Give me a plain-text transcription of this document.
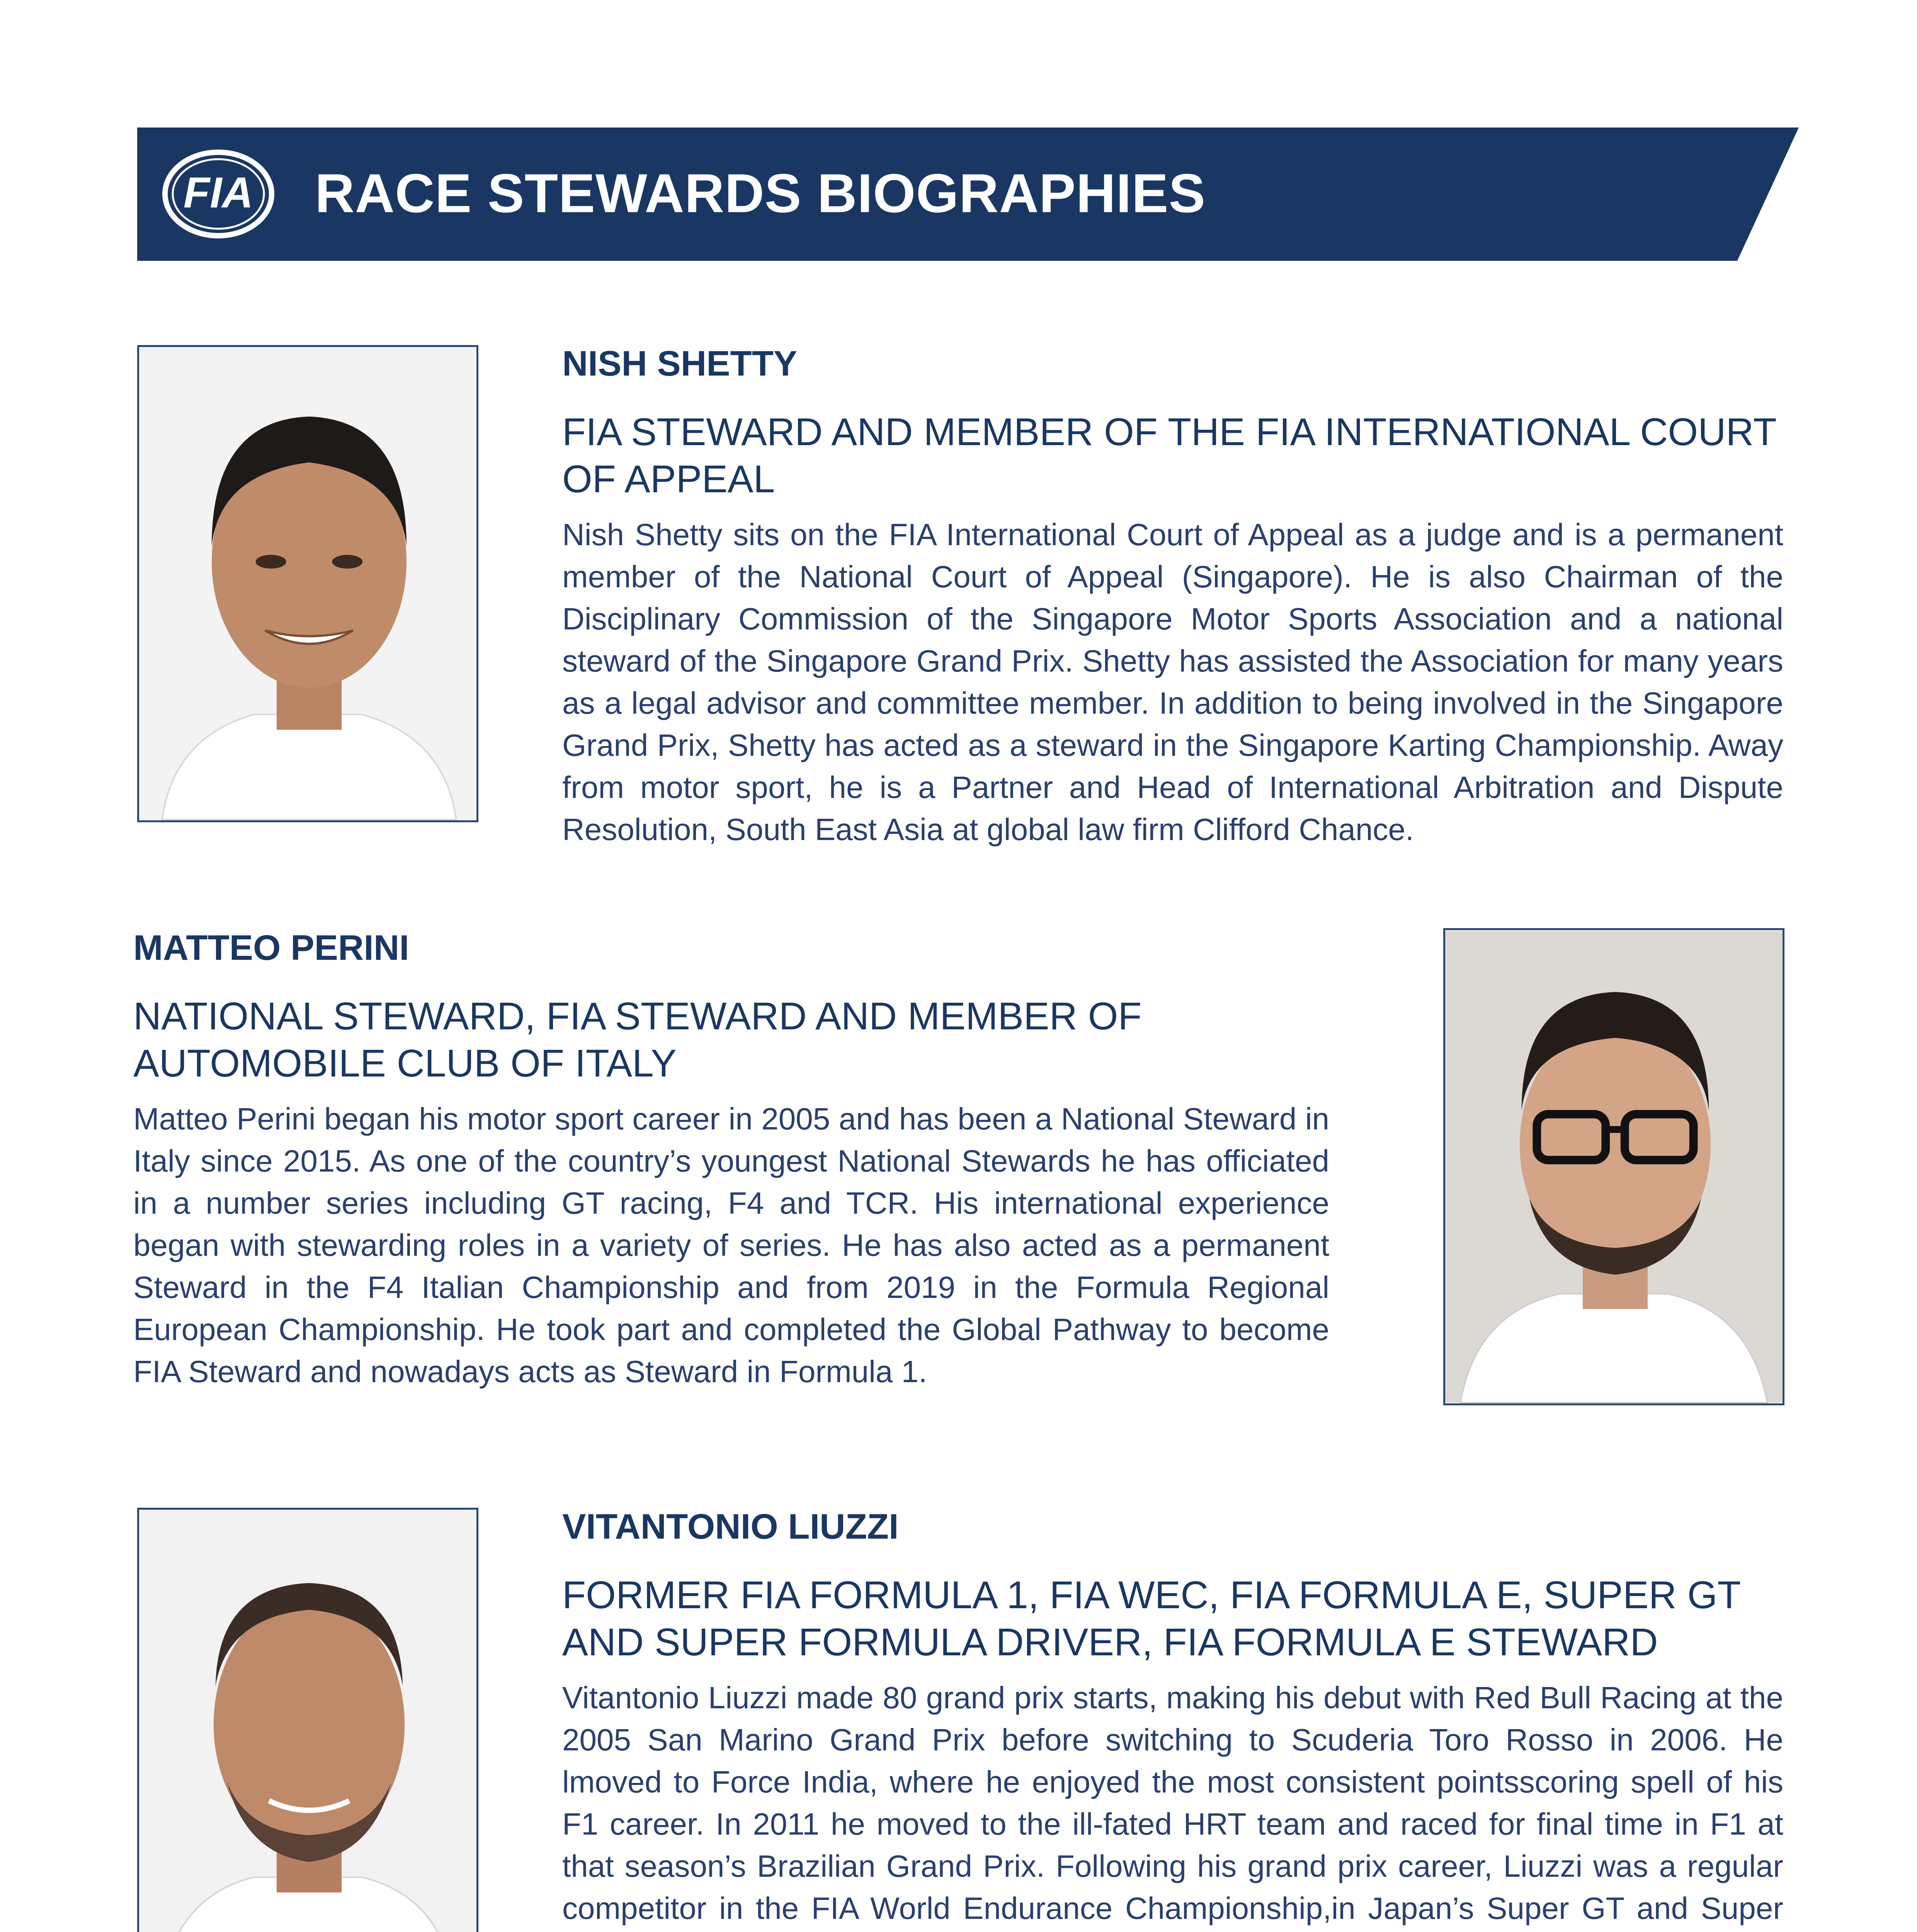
FIA RACE STEWARDS BIOGRAPHIES
NISH SHETTY
FIA STEWARD AND MEMBER OF THE FIA INTERNATIONAL COURT OF APPEAL

Nish Shetty sits on the FIA International Court of Appeal as a judge and is a permanent member of the National Court of Appeal (Singapore). He is also Chairman of the Disciplinary Commission of the Singapore Motor Sports Association and a national steward of the Singapore Grand Prix. Shetty has assisted the Association for many years as a legal advisor and committee member. In addition to being involved in the Singapore Grand Prix, Shetty has acted as a steward in the Singapore Karting Championship. Away from motor sport, he is a Partner and Head of International Arbitration and Dispute Resolution, South East Asia at global law firm Clifford Chance.

MATTEO PERINI
NATIONAL STEWARD, FIA STEWARD AND MEMBER OF AUTOMOBILE CLUB OF ITALY

Matteo Perini began his motor sport career in 2005 and has been a National Steward in Italy since 2015. As one of the country’s youngest National Stewards he has officiated in a number series including GT racing, F4 and TCR. His international experience began with stewarding roles in a variety of series. He has also acted as a permanent Steward in the F4 Italian Championship and from 2019 in the Formula Regional European Championship. He took part and completed the Global Pathway to become FIA Steward and nowadays acts as Steward in Formula 1.

VITANTONIO LIUZZI
FORMER FIA FORMULA 1, FIA WEC, FIA FORMULA E, SUPER GT AND SUPER FORMULA DRIVER, FIA FORMULA E STEWARD

Vitantonio Liuzzi made 80 grand prix starts, making his debut with Red Bull Racing at the 2005 San Marino Grand Prix before switching to Scuderia Toro Rosso in 2006. He lmoved to Force India, where he enjoyed the most consistent pointsscoring spell of his F1 career. In 2011 he moved to the ill-fated HRT team and raced for final time in F1 at that season’s Brazilian Grand Prix. Following his grand prix career, Liuzzi was a regular competitor in the FIA World Endurance Championship,in Japan’s Super GT and Super
